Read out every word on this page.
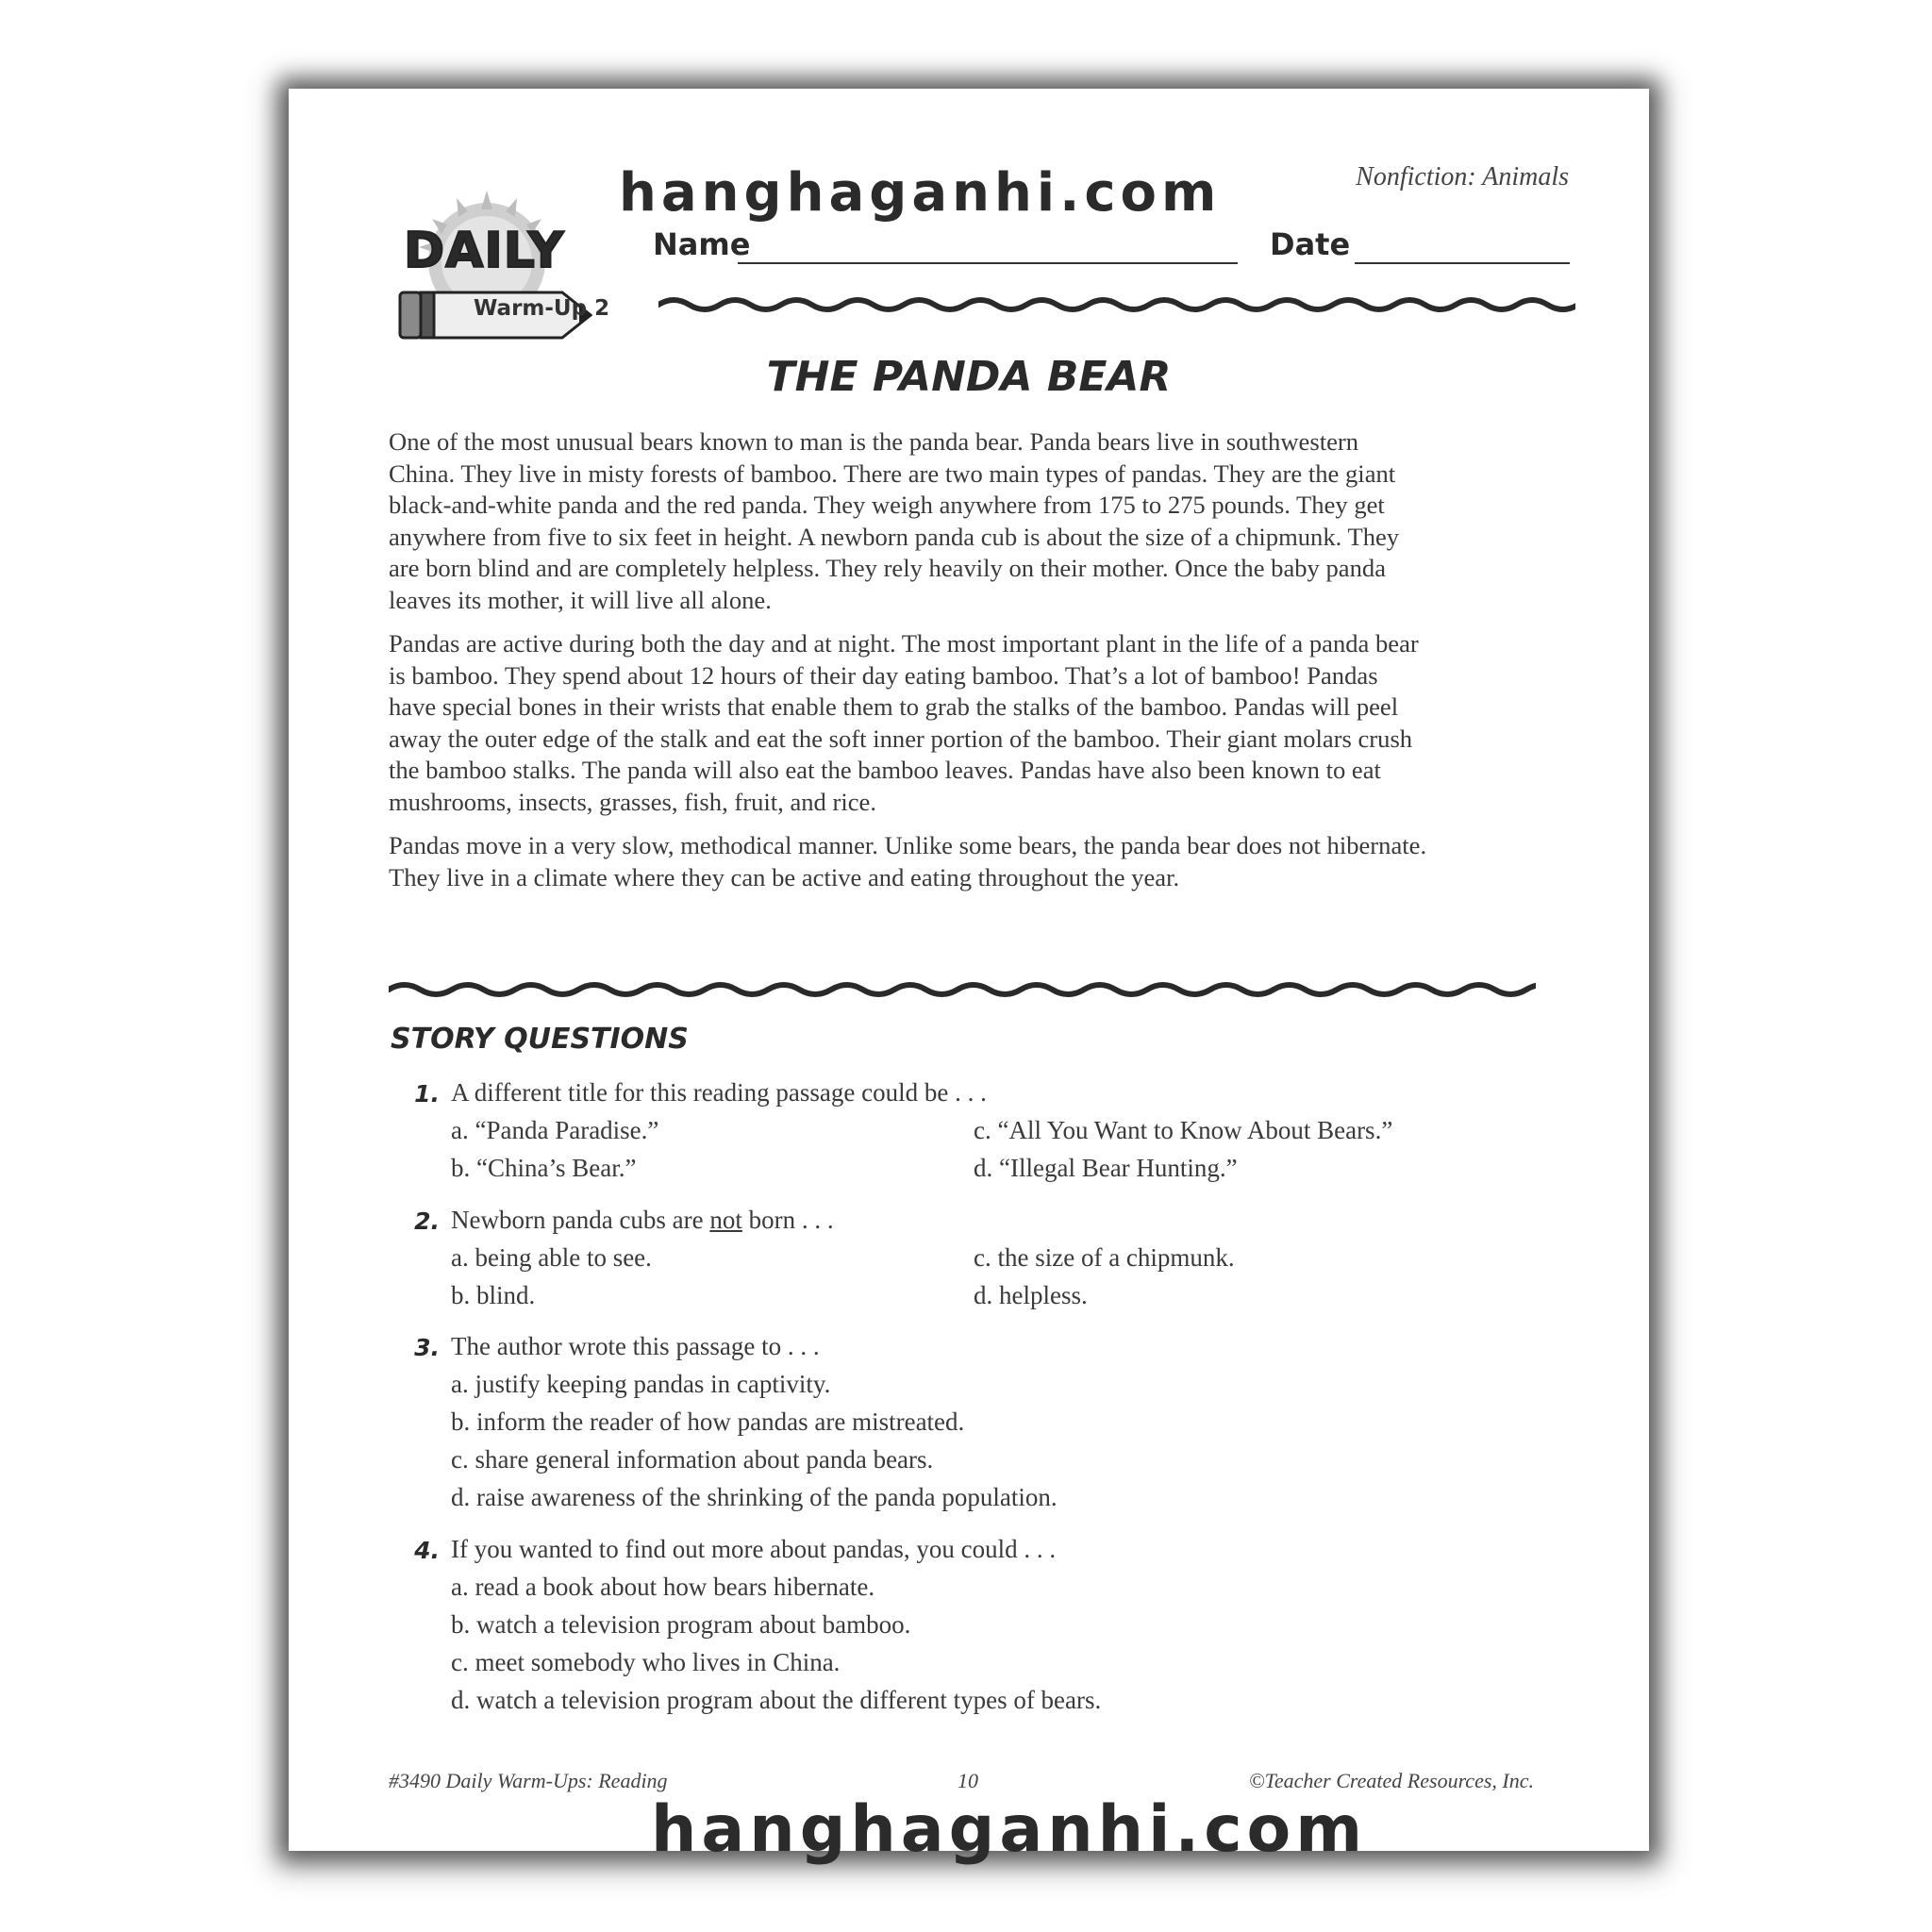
DAILY
Warm-Up 2
Nonfiction: Animals
Name	Date
THE PANDA BEAR
One of the most unusual bears known to man is the panda bear. Panda bears live in southwestern
China. They live in misty forests of bamboo. There are two main types of pandas. They are the giant
black-and-white panda and the red panda. They weigh anywhere from 175 to 275 pounds. They get
anywhere from five to six feet in height. A newborn panda cub is about the size of a chipmunk. They
are born blind and are completely helpless. They rely heavily on their mother. Once the baby panda
leaves its mother, it will live all alone.
Pandas are active during both the day and at night. The most important plant in the life of a panda bear
is bamboo. They spend about 12 hours of their day eating bamboo. That’s a lot of bamboo! Pandas
have special bones in their wrists that enable them to grab the stalks of the bamboo. Pandas will peel
away the outer edge of the stalk and eat the soft inner portion of the bamboo. Their giant molars crush
the bamboo stalks. The panda will also eat the bamboo leaves. Pandas have also been known to eat
mushrooms, insects, grasses, fish, fruit, and rice.
Pandas move in a very slow, methodical manner. Unlike some bears, the panda bear does not hibernate.
They live in a climate where they can be active and eating throughout the year.
STORY QUESTIONS
1. A different title for this reading passage could be . . .
a. “Panda Paradise.”
b. “China’s Bear.”
c. “All You Want to Know About Bears.”
d. “Illegal Bear Hunting.”
2. Newborn panda cubs are not born . . .
a. being able to see.
b. blind.
c. the size of a chipmunk.
d. helpless.
3. The author wrote this passage to . . .
a. justify keeping pandas in captivity.
b. inform the reader of how pandas are mistreated.
c. share general information about panda bears.
d. raise awareness of the shrinking of the panda population.
4. If you wanted to find out more about pandas, you could . . .
a. read a book about how bears hibernate.
b. watch a television program about bamboo.
c. meet somebody who lives in China.
d. watch a television program about the different types of bears.
#3490 Daily Warm-Ups: Reading	10	©Teacher Created Resources, Inc.
hanghaganhi.com
hanghaganhi.com
